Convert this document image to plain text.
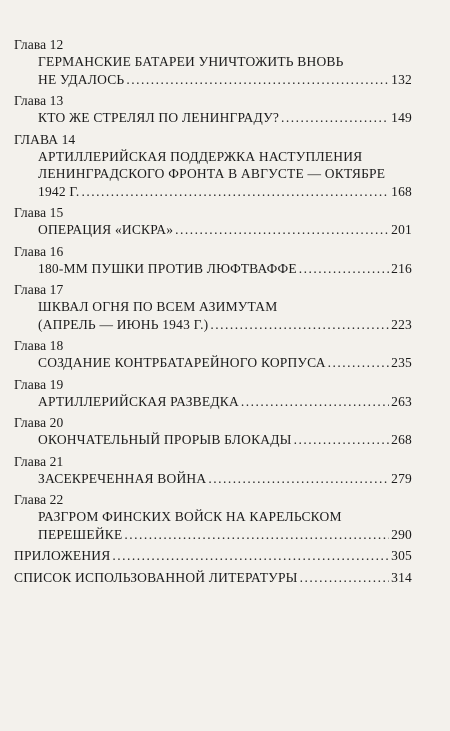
Глава 12
ГЕРМАНСКИЕ БАТАРЕИ УНИЧТОЖИТЬ ВНОВЬ
НЕ УДАЛОСЬ .....	132
Глава 13
КТО ЖЕ СТРЕЛЯЛ ПО ЛЕНИНГРАДУ? .....	149
ГЛАВА 14
АРТИЛЛЕРИЙСКАЯ ПОДДЕРЖКА НАСТУПЛЕНИЯ
ЛЕНИНГРАДСКОГО ФРОНТА В АВГУСТЕ — ОКТЯБРЕ
1942 Г. .....	168
Глава 15
ОПЕРАЦИЯ «ИСКРА» .....	201
Глава 16
180-ММ ПУШКИ ПРОТИВ ЛЮФТВАФФЕ .....	216
Глава 17
ШКВАЛ ОГНЯ ПО ВСЕМ АЗИМУТАМ
(АПРЕЛЬ — ИЮНЬ 1943 Г.) .....	223
Глава 18
СОЗДАНИЕ КОНТРБАТАРЕЙНОГО КОРПУСА .....	235
Глава 19
АРТИЛЛЕРИЙСКАЯ РАЗВЕДКА .....	263
Глава 20
ОКОНЧАТЕЛЬНЫЙ ПРОРЫВ БЛОКАДЫ .....	268
Глава 21
ЗАСЕКРЕЧЕННАЯ ВОЙНА .....	279
Глава 22
РАЗГРОМ ФИНСКИХ ВОЙСК НА КАРЕЛЬСКОМ
ПЕРЕШЕЙКЕ .....	290
ПРИЛОЖЕНИЯ .....	305
СПИСОК ИСПОЛЬЗОВАННОЙ ЛИТЕРАТУРЫ .....	314
